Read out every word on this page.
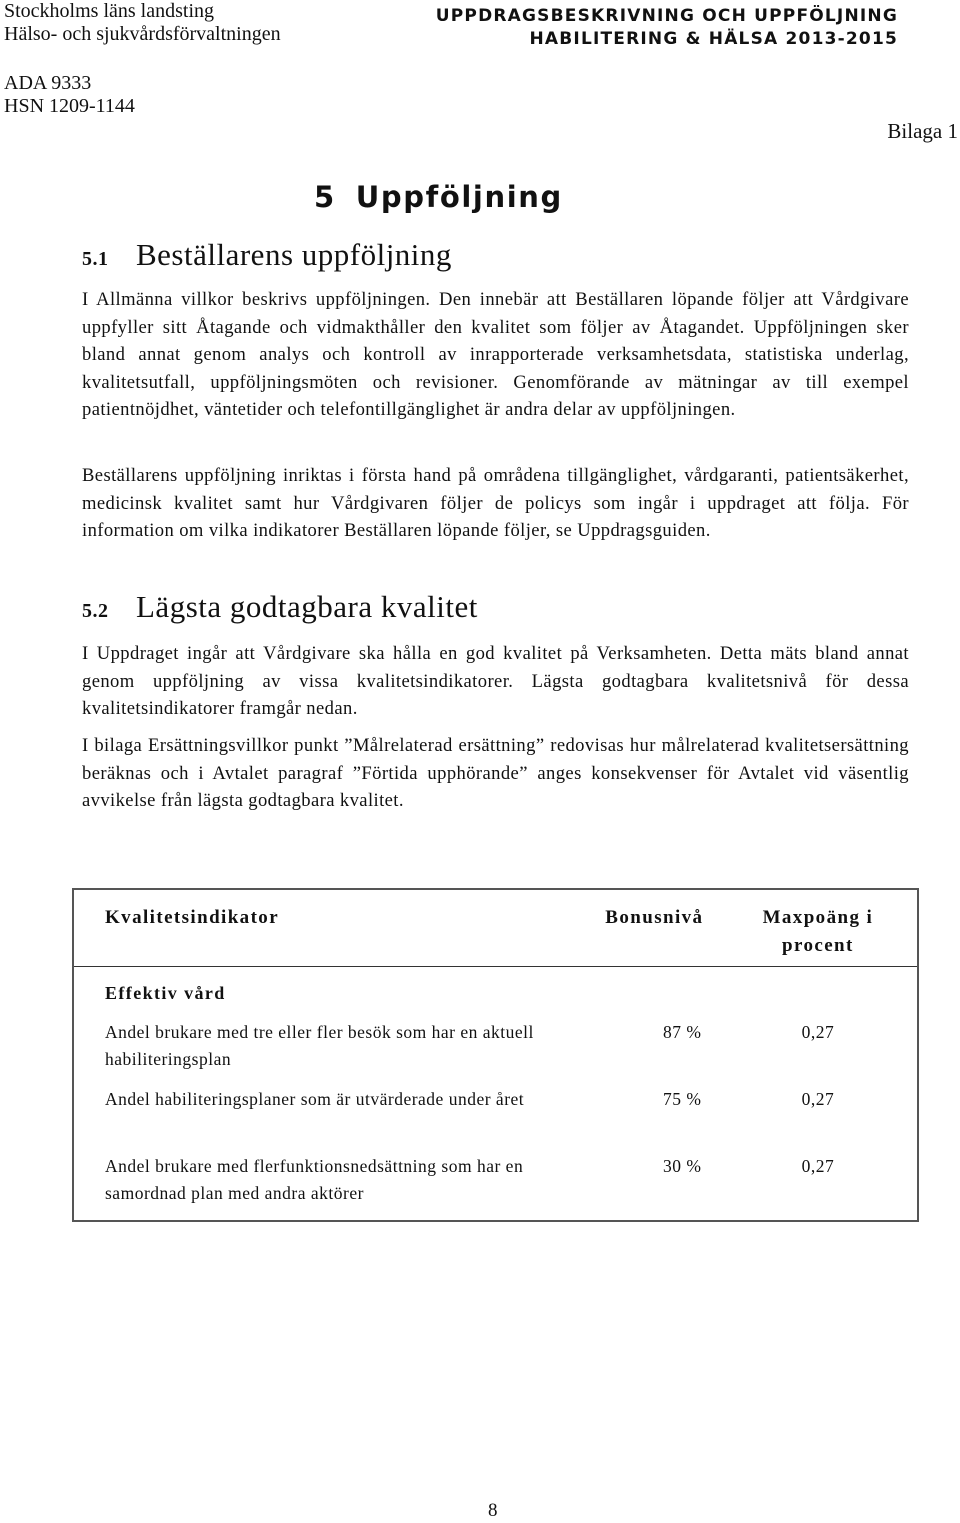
Stockholms läns landsting
Hälso- och sjukvårdsförvaltningen
UPPDRAGSBESKRIVNING OCH UPPFÖLJNING
HABILITERING & HÄLSA 2013-2015
ADA 9333
HSN 1209-1144
Bilaga 1
5 Uppföljning
5.1 Beställarens uppföljning

I Allmänna villkor beskrivs uppföljningen. Den innebär att Beställaren löpande följer att Vårdgivare uppfyller sitt Åtagande och vidmakthåller den kvalitet som följer av Åtagandet. Uppföljningen sker bland annat genom analys och kontroll av inrapporterade verksamhetsdata, statistiska underlag, kvalitetsutfall, uppföljningsmöten och revisioner. Genomförande av mätningar av till exempel patientnöjdhet, väntetider och telefontillgänglighet är andra delar av uppföljningen.

Beställarens uppföljning inriktas i första hand på områdena tillgänglighet, vårdgaranti, patientsäkerhet, medicinsk kvalitet samt hur Vårdgivaren följer de policys som ingår i uppdraget att följa. För information om vilka indikatorer Beställaren löpande följer, se Uppdragsguiden.

5.2 Lägsta godtagbara kvalitet

I Uppdraget ingår att Vårdgivare ska hålla en god kvalitet på Verksamheten. Detta mäts bland annat genom uppföljning av vissa kvalitetsindikatorer. Lägsta godtagbara kvalitetsnivå för dessa kvalitetsindikatorer framgår nedan.

I bilaga Ersättningsvillkor punkt ”Målrelaterad ersättning” redovisas hur målrelaterad kvalitetsersättning beräknas och i Avtalet paragraf ”Förtida upphörande” anges konsekvenser för Avtalet vid väsentlig avvikelse från lägsta godtagbara kvalitet.

Kvalitetsindikator	Bonusnivå	Maxpoäng i procent

Effektiv vård		
Andel brukare med tre eller fler besök som har en aktuell habiliteringsplan	87 %	0,27
Andel habiliteringsplaner som är utvärderade under året	75 %	0,27
Andel brukare med flerfunktionsnedsättning som har en samordnad plan med andra aktörer	30 %	0,27
8
